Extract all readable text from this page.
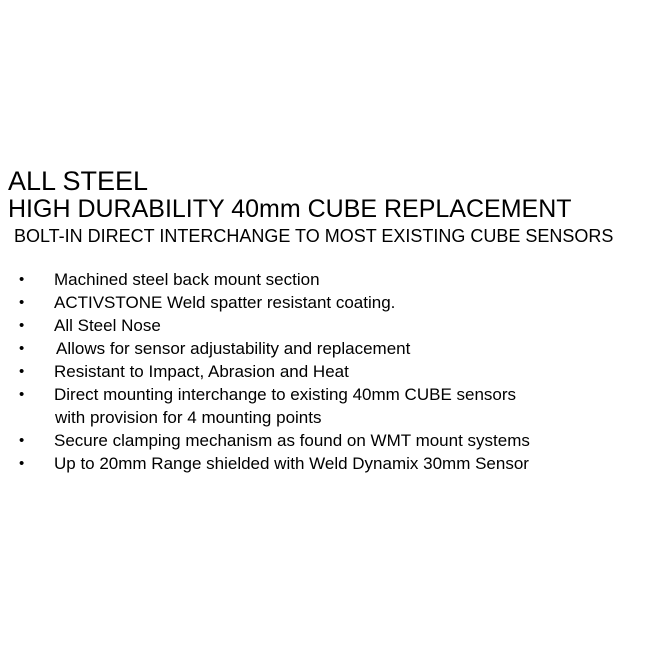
ALL STEEL
HIGH DURABILITY 40mm CUBE REPLACEMENT
BOLT-IN DIRECT INTERCHANGE TO MOST EXISTING CUBE SENSORS
•	Machined steel back mount section
•	ACTIVSTONE Weld spatter resistant coating.
•	All Steel Nose
•	Allows for sensor adjustability and replacement
•	Resistant to Impact, Abrasion and Heat
•	Direct mounting interchange to existing 40mm CUBE sensors
with provision for 4 mounting points
•	Secure clamping mechanism as found on WMT mount systems
•	Up to 20mm Range shielded with Weld Dynamix 30mm Sensor
